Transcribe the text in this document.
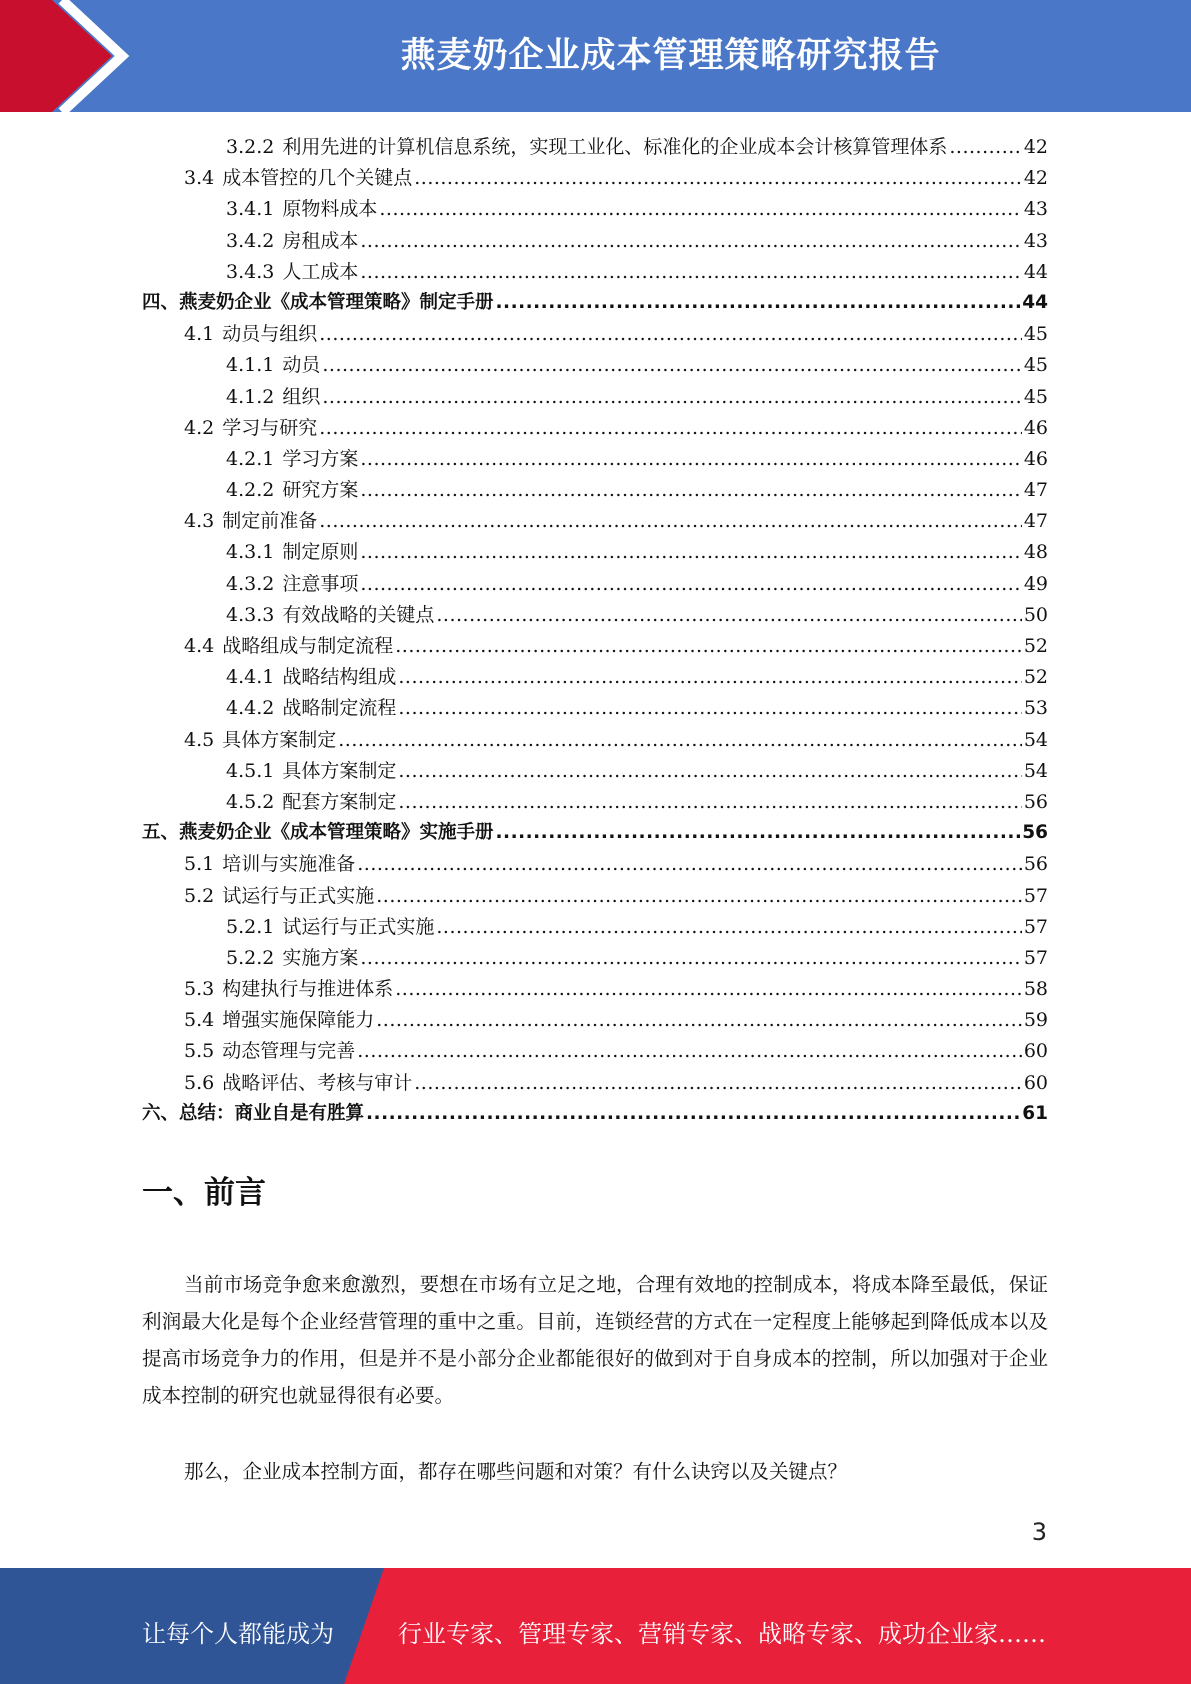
燕麦奶企业成本管理策略研究报告
3.2.2 利用先进的计算机信息系统，实现工业化、标准化的企业成本会计核算管理体系 .....	42
3.4 成本管控的几个关键点 .....	42
3.4.1 原物料成本 .....	43
3.4.2 房租成本 .....	43
3.4.3 人工成本 .....	44
四、燕麦奶企业《成本管理策略》制定手册 .....	44
4.1 动员与组织 .....	45
4.1.1 动员 .....	45
4.1.2 组织 .....	45
4.2 学习与研究 .....	46
4.2.1 学习方案 .....	46
4.2.2 研究方案 .....	47
4.3 制定前准备 .....	47
4.3.1 制定原则 .....	48
4.3.2 注意事项 .....	49
4.3.3 有效战略的关键点 .....	50
4.4 战略组成与制定流程 .....	52
4.4.1 战略结构组成 .....	52
4.4.2 战略制定流程 .....	53
4.5 具体方案制定 .....	54
4.5.1 具体方案制定 .....	54
4.5.2 配套方案制定 .....	56
五、燕麦奶企业《成本管理策略》实施手册 .....	56
5.1 培训与实施准备 .....	56
5.2 试运行与正式实施 .....	57
5.2.1 试运行与正式实施 .....	57
5.2.2 实施方案 .....	57
5.3 构建执行与推进体系 .....	58
5.4 增强实施保障能力 .....	59
5.5 动态管理与完善 .....	60
5.6 战略评估、考核与审计 .....	60
六、总结：商业自是有胜算 .....	61
一、前言

当前市场竞争愈来愈激烈，要想在市场有立足之地，合理有效地的控制成本，将成本降至最低，保证利润最大化是每个企业经营管理的重中之重。目前，连锁经营的方式在一定程度上能够起到降低成本以及提高市场竞争力的作用，但是并不是小部分企业都能很好的做到对于自身成本的控制，所以加强对于企业成本控制的研究也就显得很有必要。

那么，企业成本控制方面，都存在哪些问题和对策？有什么诀窍以及关键点？

3
让每个人都能成为	行业专家、管理专家、营销专家、战略专家、成功企业家……
